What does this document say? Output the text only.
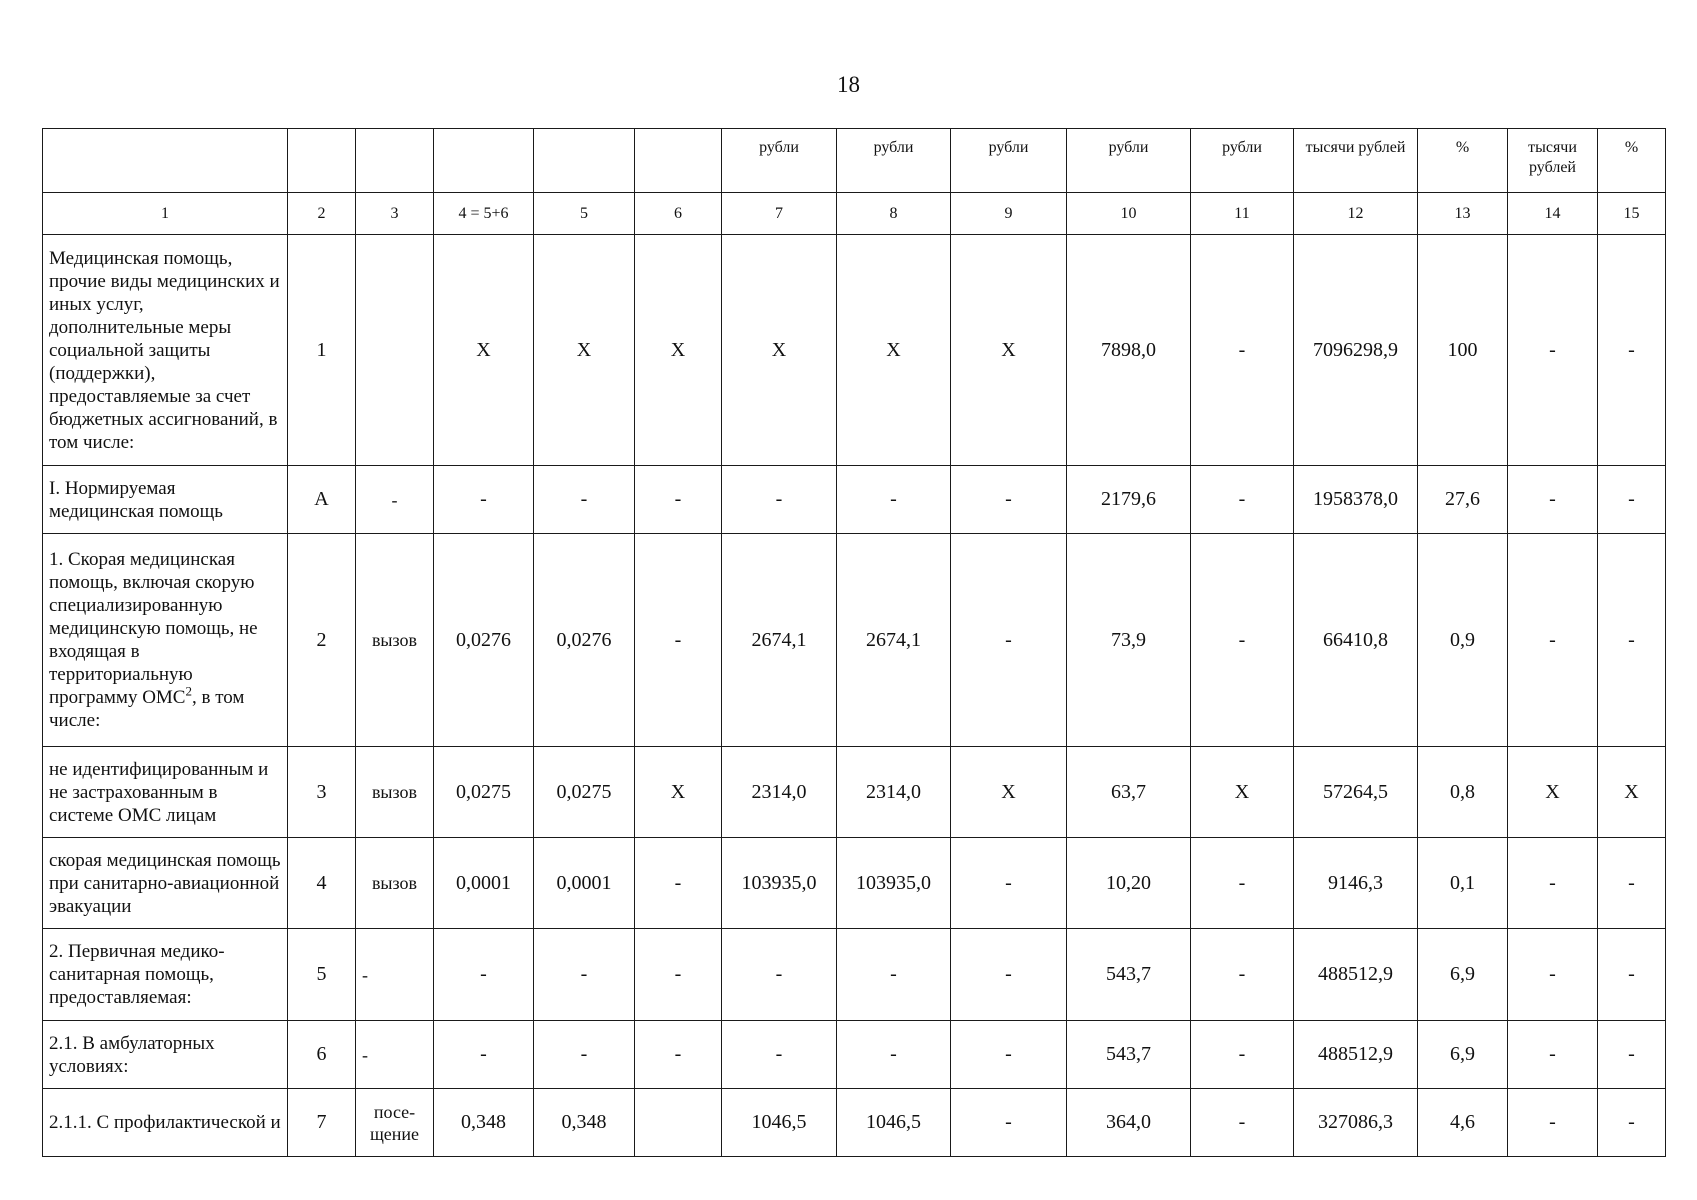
18
						рубли	рубли	рубли	рубли	рубли	тысячи рублей	%	тысячи рублей	%
1	2	3	4 = 5+6	5	6	7	8	9	10	11	12	13	14	15
Медицинская помощь, прочие виды медицинских и иных услуг, дополнительные меры социальной защиты (поддержки), предоставляемые за счет бюджетных ассигнований, в том числе:	1		X	X	X	X	X	X	7898,0	-	7096298,9	100	-	-
I. Нормируемая медицинская помощь	А	-	-	-	-	-	-	-	2179,6	-	1958378,0	27,6	-	-
1. Скорая медицинская помощь, включая скорую специализированную медицинскую помощь, не входящая в территориальную программу ОМС$^2$, в том числе:	2	вызов	0,0276	0,0276	-	2674,1	2674,1	-	73,9	-	66410,8	0,9	-	-
не идентифицированным и не застрахованным в системе ОМС лицам	3	вызов	0,0275	0,0275	X	2314,0	2314,0	X	63,7	X	57264,5	0,8	X	X
скорая медицинская помощь при санитарно-авиационной эвакуации	4	вызов	0,0001	0,0001	-	103935,0	103935,0	-	10,20	-	9146,3	0,1	-	-
2. Первичная медико-санитарная помощь, предоставляемая:	5	-	-	-	-	-	-	-	543,7	-	488512,9	6,9	-	-
2.1. В амбулаторных условиях:	6	-	-	-	-	-	-	-	543,7	-	488512,9	6,9	-	-
2.1.1. С профилактической и	7	посе-щение	0,348	0,348		1046,5	1046,5	-	364,0	-	327086,3	4,6	-	-
